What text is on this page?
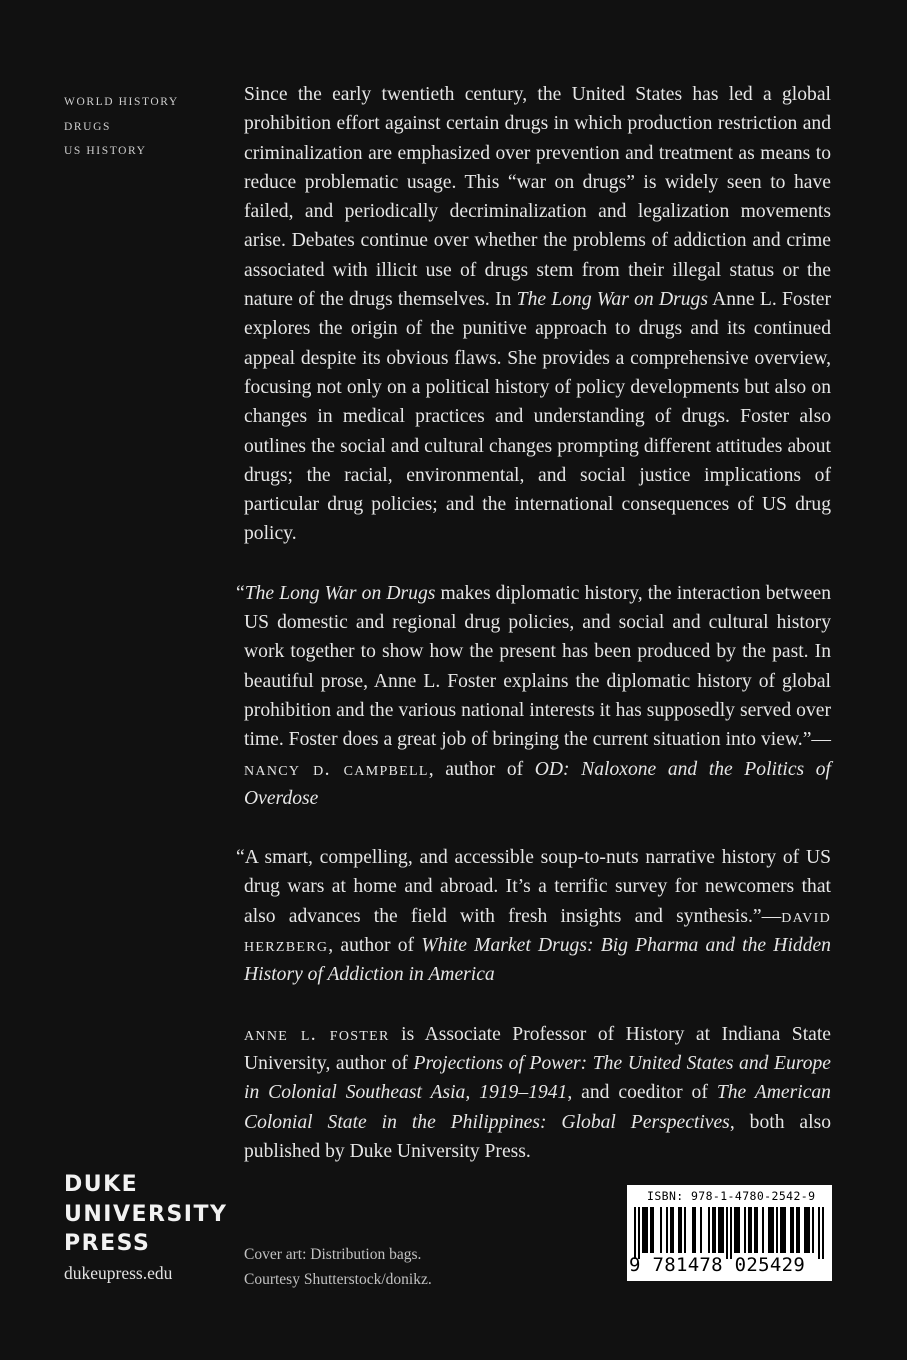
WORLD HISTORY
DRUGS
US HISTORY

Since the early twentieth century, the United States has led a global prohibition effort against certain drugs in which production restriction and criminalization are emphasized over prevention and treatment as means to reduce problematic usage. This “war on drugs” is widely seen to have failed, and periodically decriminalization and legalization movements arise. Debates continue over whether the problems of addiction and crime associated with illicit use of drugs stem from their illegal status or the nature of the drugs themselves. In The Long War on Drugs Anne L. Foster explores the origin of the punitive approach to drugs and its continued appeal despite its obvious flaws. She provides a comprehensive overview, focusing not only on a political history of policy developments but also on changes in medical practices and understanding of drugs. Foster also outlines the social and cultural changes prompting different attitudes about drugs; the racial, environmental, and social justice implications of particular drug policies; and the international consequences of US drug policy.

“The Long War on Drugs makes diplomatic history, the interaction between US domestic and regional drug policies, and social and cultural history work together to show how the present has been produced by the past. In beautiful prose, Anne L. Foster explains the diplomatic history of global prohibition and the various national interests it has supposedly served over time. Foster does a great job of bringing the current situation into view.”—nancy d. campbell, author of OD: Naloxone and the Politics of Overdose

“A smart, compelling, and accessible soup-to-nuts narrative history of US drug wars at home and abroad. It’s a terrific survey for newcomers that also advances the field with fresh insights and synthesis.”—david herzberg, author of White Market Drugs: Big Pharma and the Hidden History of Addiction in America

anne l. foster is Associate Professor of History at Indiana State University, author of Projections of Power: The United States and Europe in Colonial Southeast Asia, 1919–1941, and coeditor of The American Colonial State in the Philippines: Global Perspectives, both also published by Duke University Press.

DUKE
UNIVERSITY
PRESS
dukeupress.edu
Cover art: Distribution bags.
Courtesy Shutterstock/donikz.
ISBN: 978-1-4780-2542-9
9 781478 025429
